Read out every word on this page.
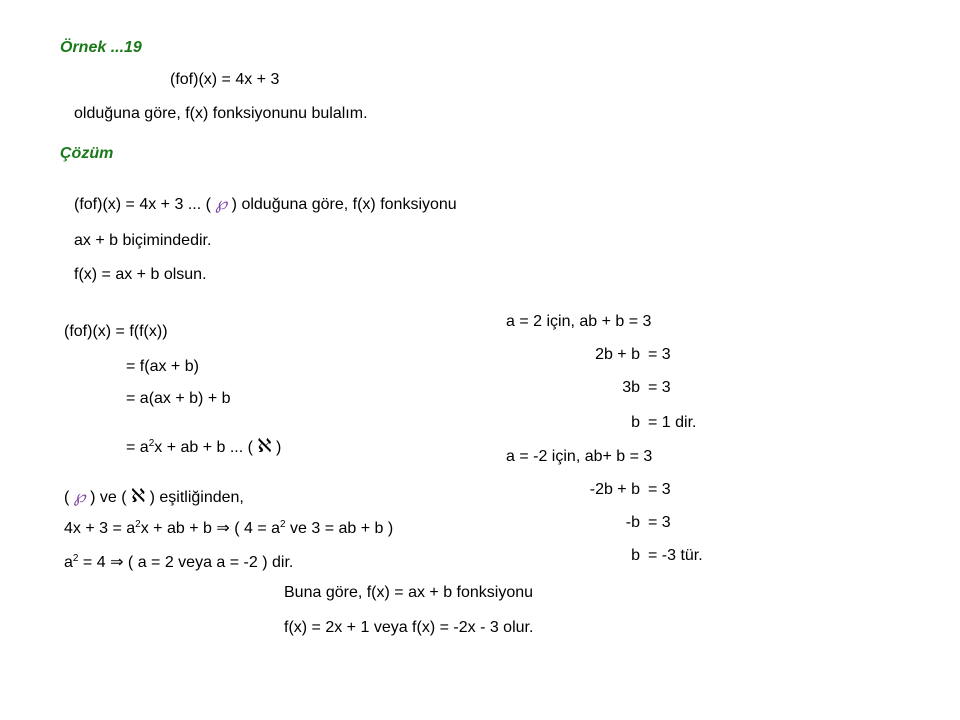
Örnek ...19
(fof)(x) = 4x + 3
olduğuna göre, f(x) fonksiyonunu bulalım.
Çözüm
(fof)(x) = 4x + 3 ... ( ℘ ) olduğuna göre, f(x) fonksiyonu
ax + b biçimindedir.
f(x) = ax + b olsun.
(fof)(x) = f(f(x))
= f(ax + b)
= a(ax + b) + b
= $a^2x$ + ab + b ... ( ℵ )
( ℘ ) ve ( ℵ ) eşitliğinden,
$4x + 3 = a^2x$ + ab + b ⇒ ( $4 = a^2$ ve 3 = ab + b )
$a^2 = 4$ ⇒ ( a = 2 veya a = -2 ) dir.
a = 2 için, ab + b = 3
2b + b = 3
3b = 3
b = 1 dir.
a = -2 için, ab+ b = 3
-2b + b = 3
-b = 3
b = -3 tür.
Buna göre, f(x) = ax + b fonksiyonu
f(x) = 2x + 1 veya f(x) = -2x - 3 olur.
